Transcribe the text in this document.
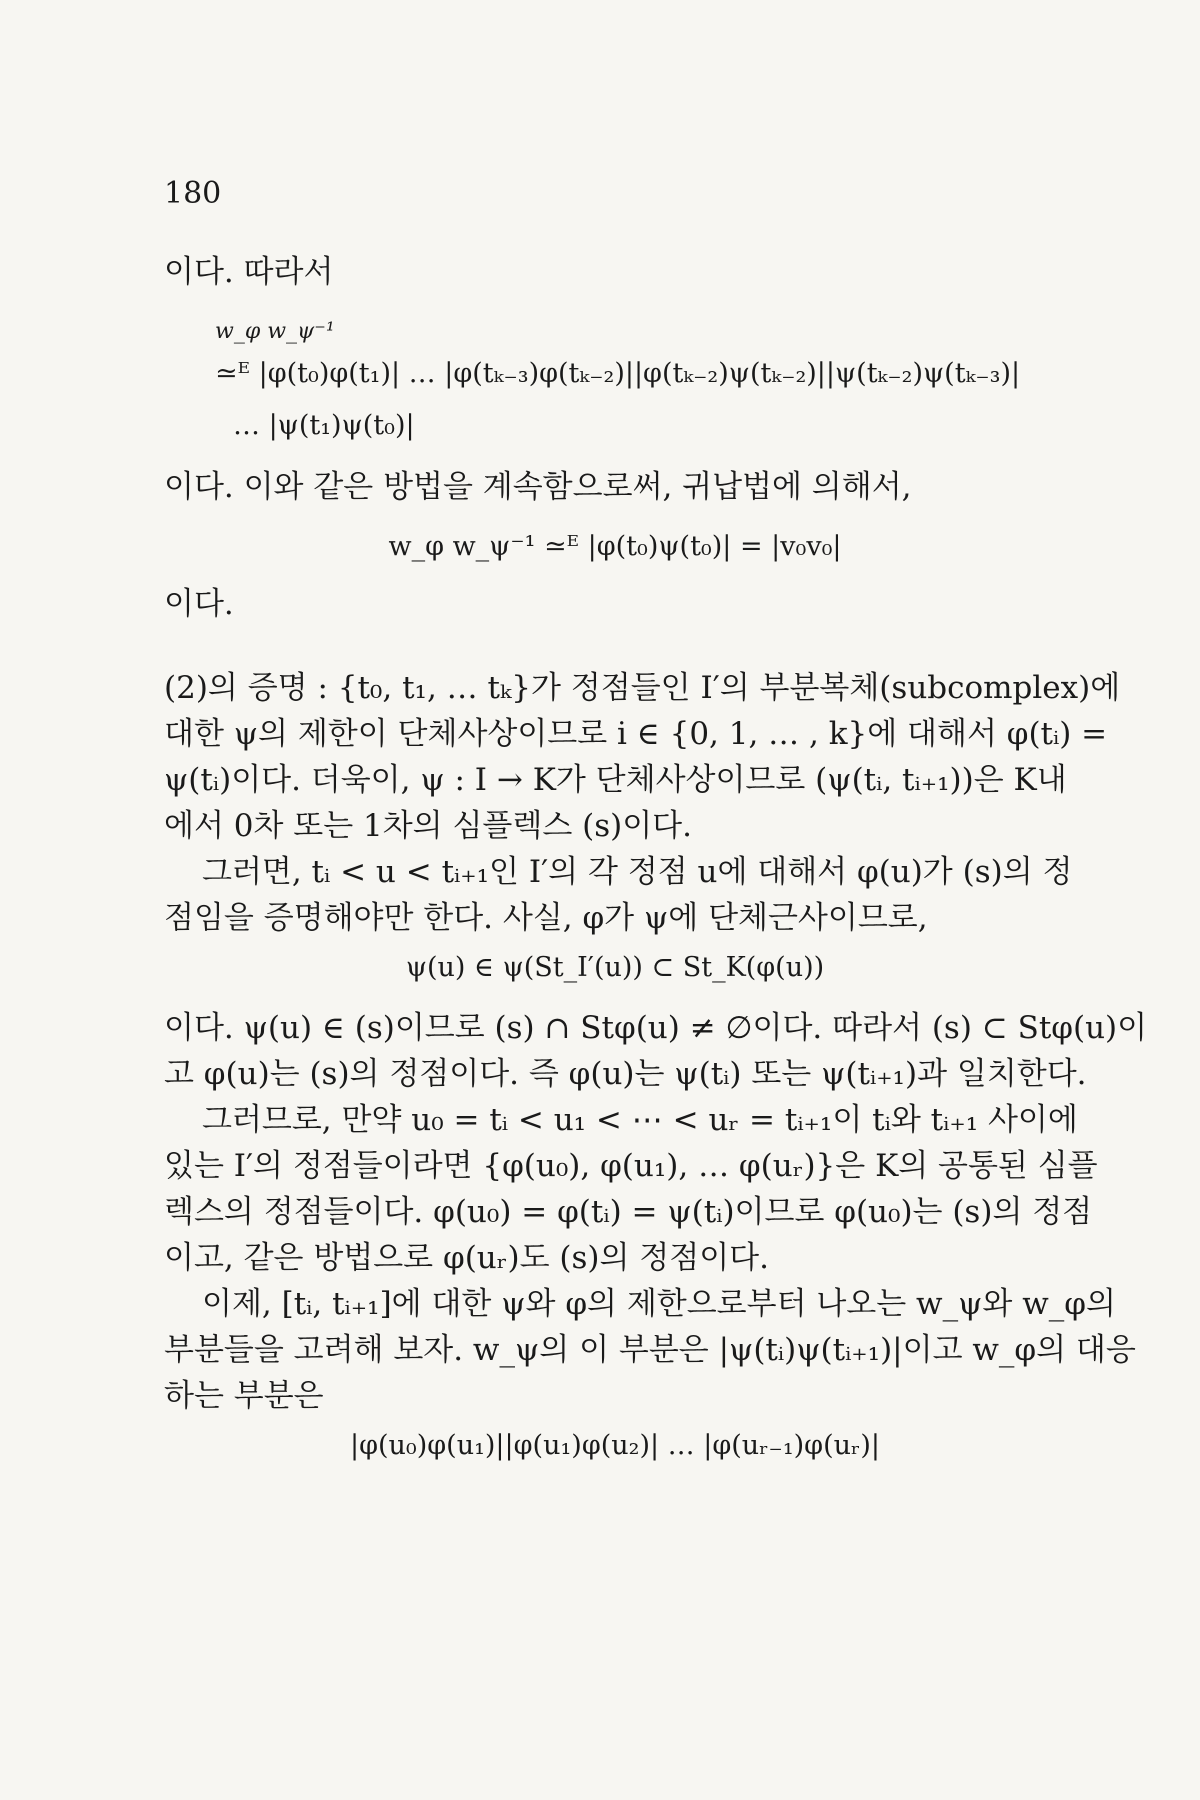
180
이다. 따라서
w_φ w_ψ⁻¹
≃ᴱ |φ(t₀)φ(t₁)| … |φ(tₖ₋₃)φ(tₖ₋₂)||φ(tₖ₋₂)ψ(tₖ₋₂)||ψ(tₖ₋₂)ψ(tₖ₋₃)|
… |ψ(t₁)ψ(t₀)|
이다. 이와 같은 방법을 계속함으로써, 귀납법에 의해서,
w_φ w_ψ⁻¹ ≃ᴱ |φ(t₀)ψ(t₀)| = |v₀v₀|
이다.
(2)의 증명 : {t₀, t₁, … tₖ}가 정점들인 I′의 부분복체(subcomplex)에
대한 ψ의 제한이 단체사상이므로 i ∈ {0, 1, … , k}에 대해서 φ(tᵢ) =
ψ(tᵢ)이다. 더욱이, ψ : I → K가 단체사상이므로 (ψ(tᵢ, tᵢ₊₁))은 K내
에서 0차 또는 1차의 심플렉스 (s)이다.
그러면, tᵢ < u < tᵢ₊₁인 I′의 각 정점 u에 대해서 φ(u)가 (s)의 정
점임을 증명해야만 한다. 사실, φ가 ψ에 단체근사이므로,
ψ(u) ∈ ψ(St_I′(u)) ⊂ St_K(φ(u))
이다. ψ(u) ∈ (s)이므로 (s) ∩ Stφ(u) ≠ ∅이다. 따라서 (s) ⊂ Stφ(u)이
고 φ(u)는 (s)의 정점이다. 즉 φ(u)는 ψ(tᵢ) 또는 ψ(tᵢ₊₁)과 일치한다.
그러므로, 만약 u₀ = tᵢ < u₁ < ⋯ < uᵣ = tᵢ₊₁이 tᵢ와 tᵢ₊₁ 사이에
있는 I′의 정점들이라면 {φ(u₀), φ(u₁), … φ(uᵣ)}은 K의 공통된 심플
렉스의 정점들이다. φ(u₀) = φ(tᵢ) = ψ(tᵢ)이므로 φ(u₀)는 (s)의 정점
이고, 같은 방법으로 φ(uᵣ)도 (s)의 정점이다.
이제, [tᵢ, tᵢ₊₁]에 대한 ψ와 φ의 제한으로부터 나오는 w_ψ와 w_φ의
부분들을 고려해 보자. w_ψ의 이 부분은 |ψ(tᵢ)ψ(tᵢ₊₁)|이고 w_φ의 대응
하는 부분은
|φ(u₀)φ(u₁)||φ(u₁)φ(u₂)| … |φ(uᵣ₋₁)φ(uᵣ)|
